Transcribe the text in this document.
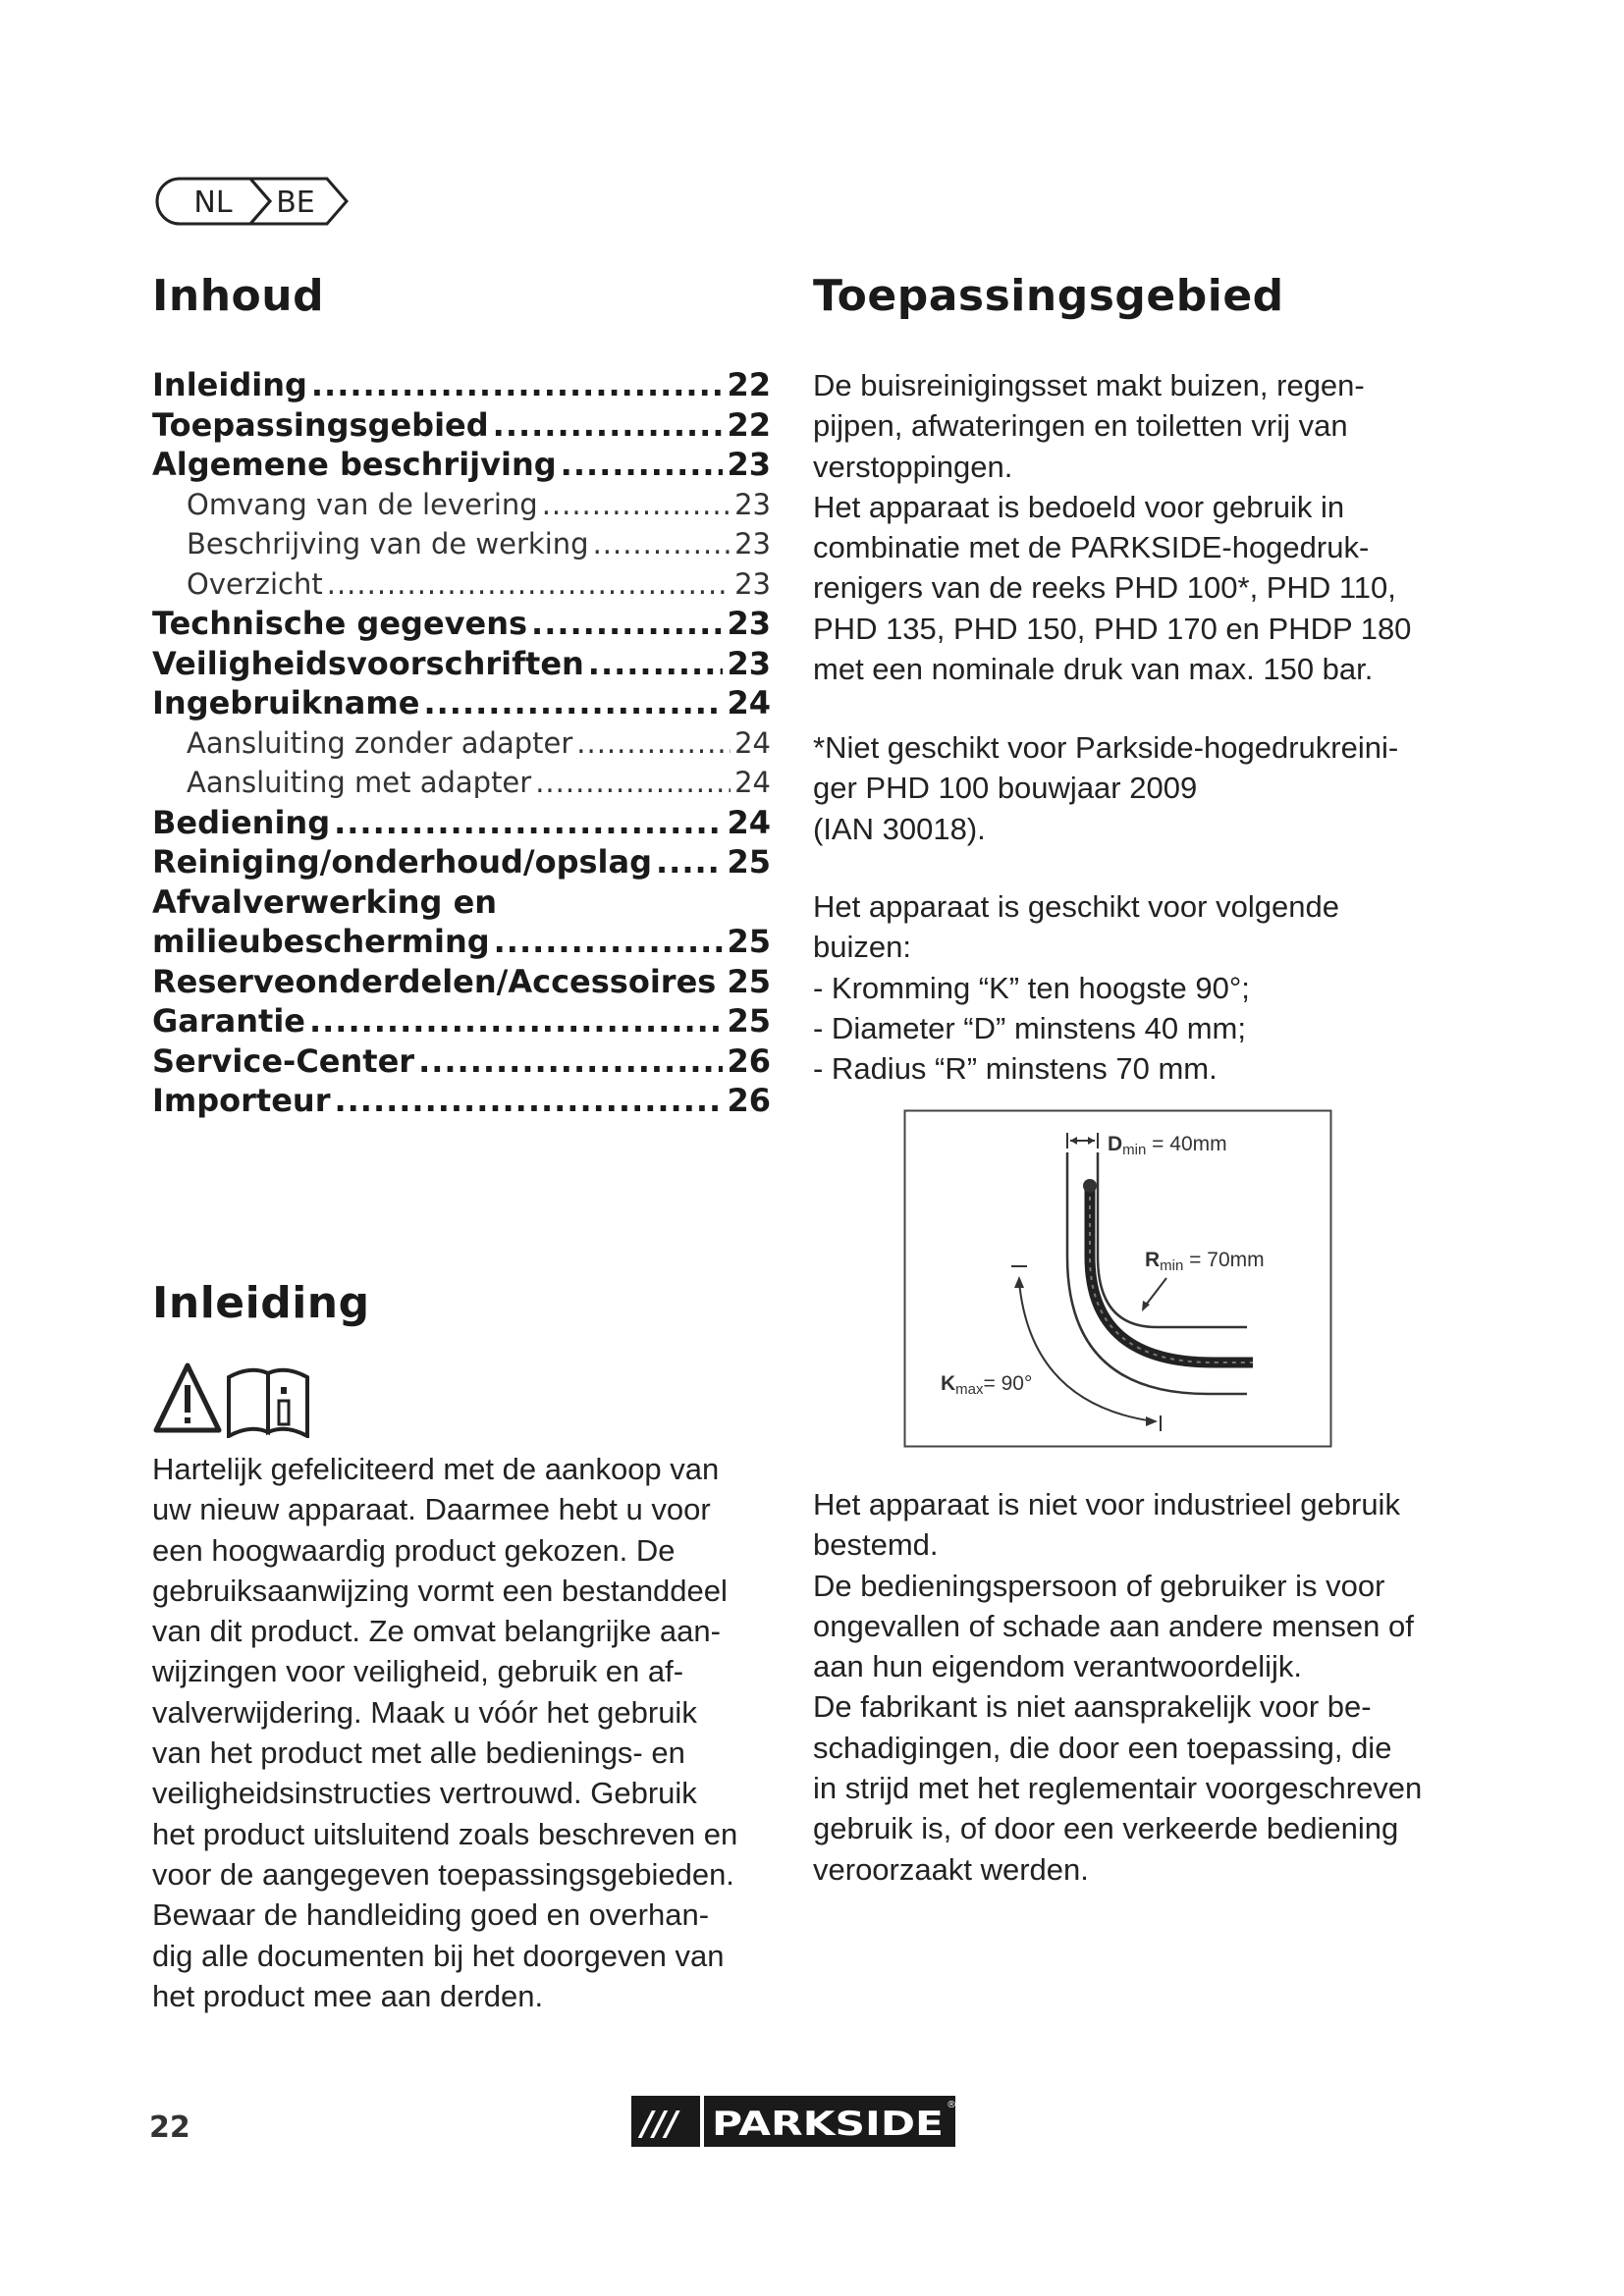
NL BE
Inhoud
Inleiding .....	22
Toepassingsgebied .....	22
Algemene beschrijving .....	23
Omvang van de levering .....	23
Beschrijving van de werking .....	23
Overzicht .....	23
Technische gegevens .....	23
Veiligheidsvoorschriften .....	23
Ingebruikname .....	24
Aansluiting zonder adapter .....	24
Aansluiting met adapter .....	24
Bediening .....	24
Reiniging/onderhoud/opslag ..... 25
Afvalverwerking en
milieubescherming .....	25
Reserveonderdelen/Accessoires ..... 25
Garantie .....	25
Service-Center .....	26
Importeur .....	26
Inleiding
Hartelijk gefeliciteerd met de aankoop van
uw nieuw apparaat. Daarmee hebt u voor
een hoogwaardig product gekozen. De
gebruiksaanwijzing vormt een bestanddeel
van dit product. Ze omvat belangrijke aan-
wijzingen voor veiligheid, gebruik en af-
valverwijdering. Maak u vóór het gebruik
van het product met alle bedienings- en
veiligheidsinstructies vertrouwd. Gebruik
het product uitsluitend zoals beschreven en
voor de aangegeven toepassingsgebieden.
Bewaar de handleiding goed en overhan-
dig alle documenten bij het doorgeven van
het product mee aan derden.
Toepassingsgebied
De buisreinigingsset makt buizen, regen-
pijpen, afwateringen en toiletten vrij van
verstoppingen.
Het apparaat is bedoeld voor gebruik in
combinatie met de PARKSIDE-hogedruk-
renigers van de reeks PHD 100*, PHD 110,
PHD 135, PHD 150, PHD 170 en PHDP 180
met een nominale druk van max. 150 bar.
*Niet geschikt voor Parkside-hogedrukreini-
ger PHD 100 bouwjaar 2009
(IAN 30018).
Het apparaat is geschikt voor volgende
buizen:
- Kromming “K” ten hoogste 90°;
- Diameter “D” minstens 40 mm;
- Radius “R” minstens 70 mm.
Dmin = 40mm
Rmin = 70mm
Kmax= 90°
Het apparaat is niet voor industrieel gebruik
bestemd.
De bedieningspersoon of gebruiker is voor
ongevallen of schade aan andere mensen of
aan hun eigendom verantwoordelijk.
De fabrikant is niet aansprakelijk voor be-
schadigingen, die door een toepassing, die
in strijd met het reglementair voorgeschreven
gebruik is, of door een verkeerde bediening
veroorzaakt werden.
22	/// PARKSIDE ®
